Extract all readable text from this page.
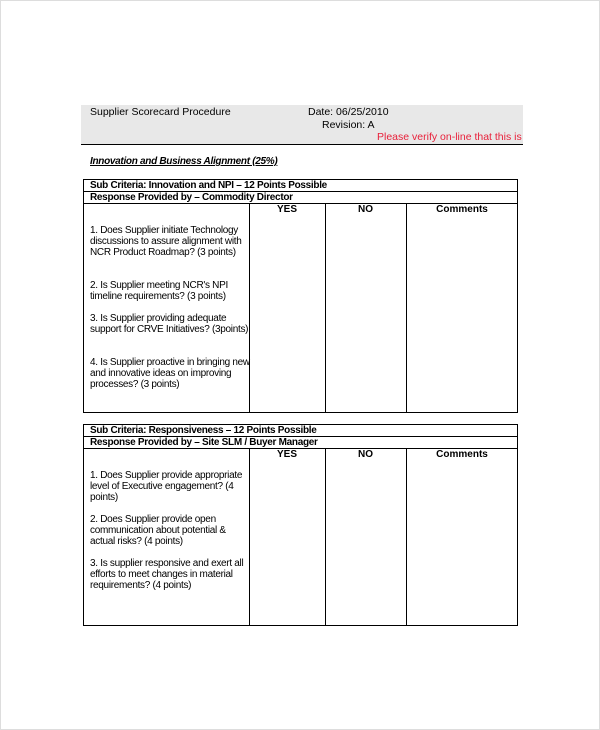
Supplier Scorecard Procedure	Date: 06/25/2010
Revision: A
Please verify on-line that this is
Innovation and Business Alignment (25%)
Sub Criteria: Innovation and NPI – 12 Points Possible
Response Provided by – Commodity Director
YES	NO	Comments
1. Does Supplier initiate Technology discussions to assure alignment with NCR Product Roadmap? (3 points)
2. Is Supplier meeting NCR's NPI timeline requirements? (3 points)
3. Is Supplier providing adequate support for CRVE Initiatives? (3points)
4. Is Supplier proactive in bringing new and innovative ideas on improving processes? (3 points)
Sub Criteria: Responsiveness – 12 Points Possible
Response Provided by – Site SLM / Buyer Manager
YES	NO	Comments
1. Does Supplier provide appropriate level of Executive engagement? (4 points)
2. Does Supplier provide open communication about potential & actual risks? (4 points)
3. Is supplier responsive and exert all efforts to meet changes in material requirements? (4 points)
